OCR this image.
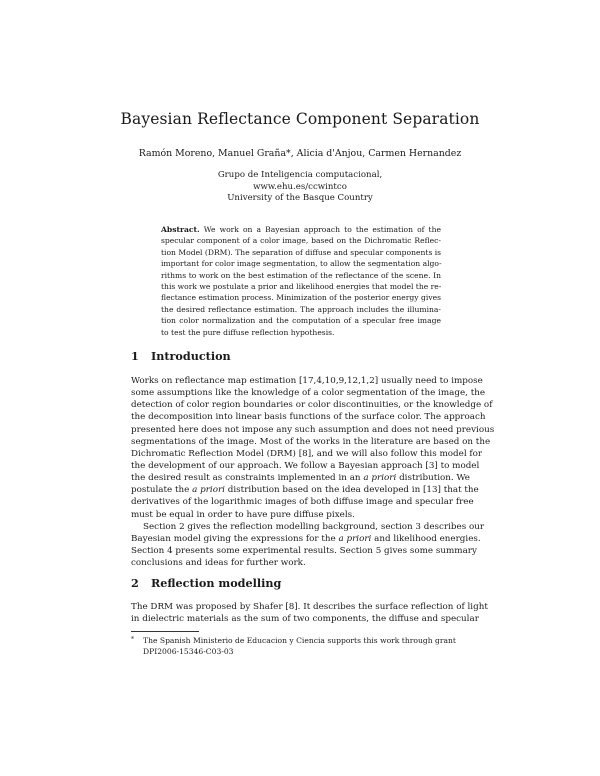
Bayesian Reflectance Component Separation
Ramón Moreno, Manuel Graña*, Alicia d'Anjou, Carmen Hernandez
Grupo de Inteligencia computacional,
www.ehu.es/ccwintco
University of the Basque Country
Abstract. We work on a Bayesian approach to the estimation of the
specular component of a color image, based on the Dichromatic Reflec-
tion Model (DRM). The separation of diffuse and specular components is
important for color image segmentation, to allow the segmentation algo-
rithms to work on the best estimation of the reflectance of the scene. In
this work we postulate a prior and likelihood energies that model the re-
flectance estimation process. Minimization of the posterior energy gives
the desired reflectance estimation. The approach includes the illumina-
tion color normalization and the computation of a specular free image
to test the pure diffuse reflection hypothesis.
1 Introduction
Works on reflectance map estimation [17,4,10,9,12,1,2] usually need to impose
some assumptions like the knowledge of a color segmentation of the image, the
detection of color region boundaries or color discontinuities, or the knowledge of
the decomposition into linear basis functions of the surface color. The approach
presented here does not impose any such assumption and does not need previous
segmentations of the image. Most of the works in the literature are based on the
Dichromatic Reflection Model (DRM) [8], and we will also follow this model for
the development of our approach. We follow a Bayesian approach [3] to model
the desired result as constraints implemented in an a priori distribution. We
postulate the a priori distribution based on the idea developed in [13] that the
derivatives of the logarithmic images of both diffuse image and specular free
must be equal in order to have pure diffuse pixels.
Section 2 gives the reflection modelling background, section 3 describes our
Bayesian model giving the expressions for the a priori and likelihood energies.
Section 4 presents some experimental results. Section 5 gives some summary
conclusions and ideas for further work.
2 Reflection modelling
The DRM was proposed by Shafer [8]. It describes the surface reflection of light
in dielectric materials as the sum of two components, the diffuse and specular
* The Spanish Ministerio de Educacion y Ciencia supports this work through grant
DPI2006-15346-C03-03
